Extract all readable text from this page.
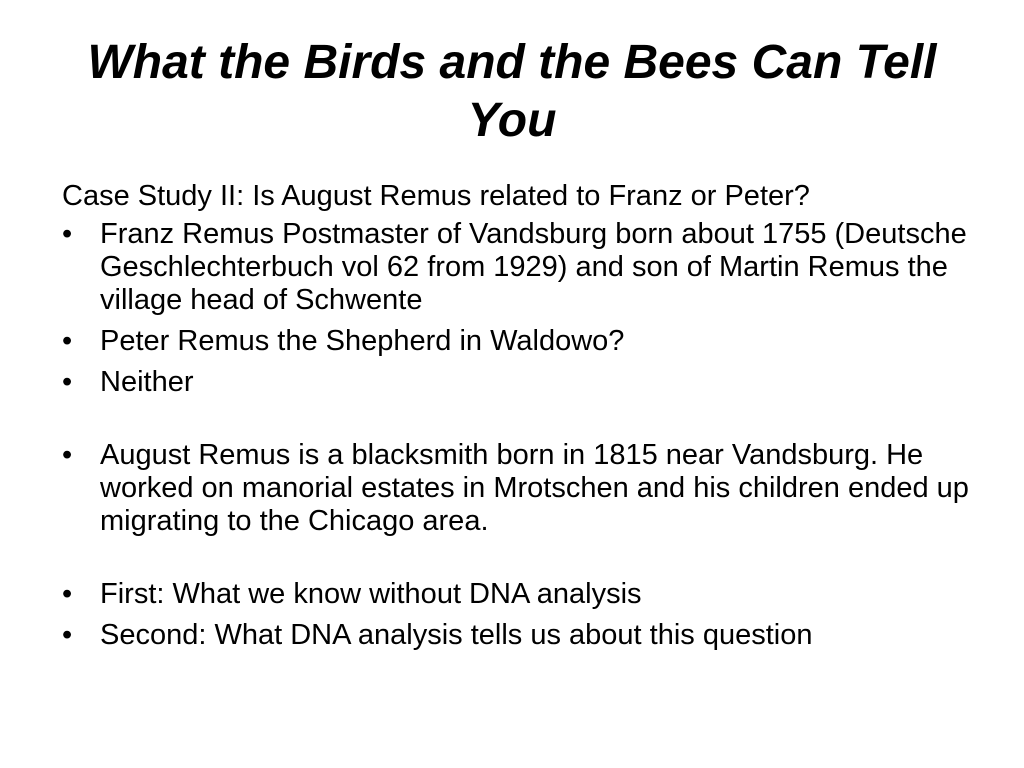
What the Birds and the Bees Can Tell You

Case Study II: Is August Remus related to Franz or Peter?

• Franz Remus Postmaster of Vandsburg born about 1755 (Deutsche Geschlechterbuch vol 62 from 1929) and son of Martin Remus the village head of Schwente
• Peter Remus the Shepherd in Waldowo?
• Neither
• August Remus is a blacksmith born in 1815 near Vandsburg. He worked on manorial estates in Mrotschen and his children ended up migrating to the Chicago area.
• First: What we know without DNA analysis
• Second: What DNA analysis tells us about this question
